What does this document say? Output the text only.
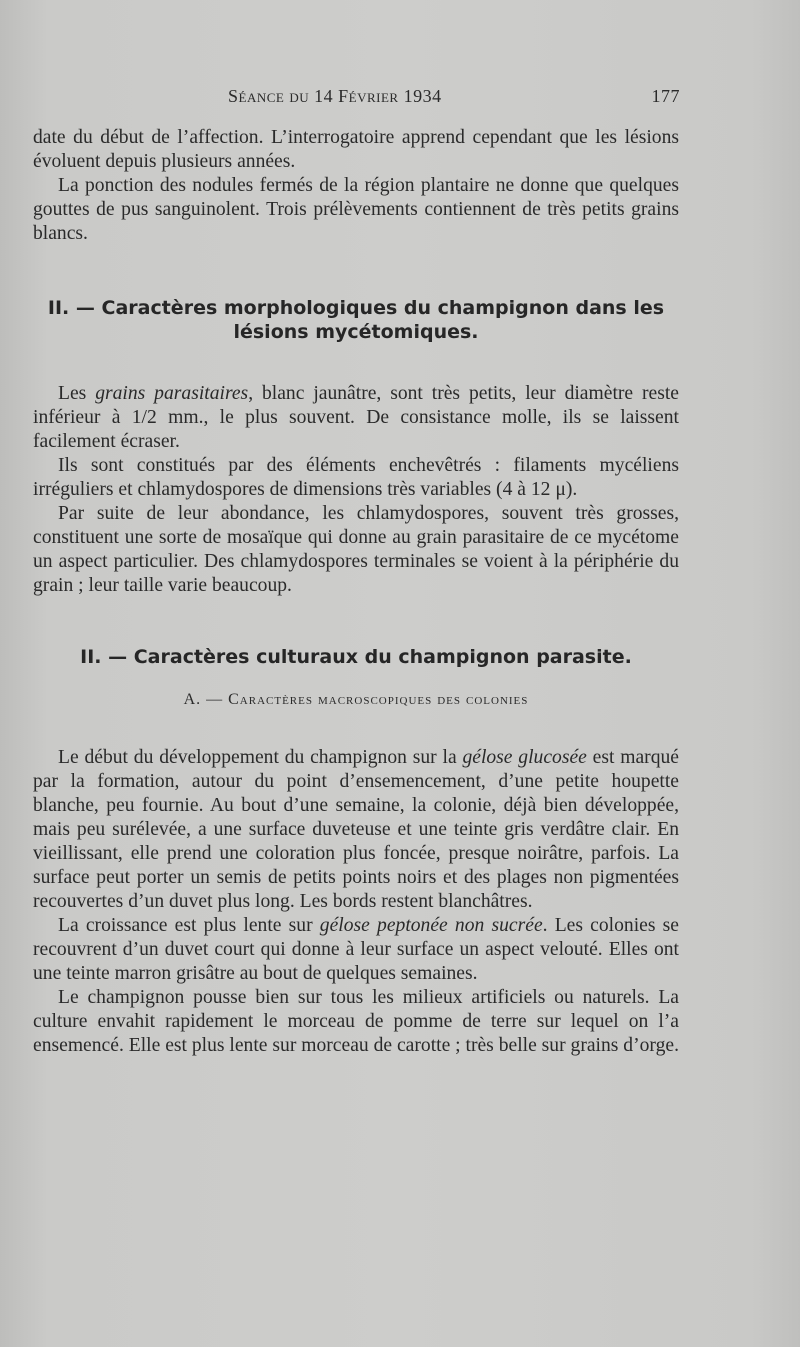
Séance du 14 Février 1934	177

date du début de l’affection. L’interrogatoire apprend cependant que les lésions évoluent depuis plusieurs années.

La ponction des nodules fermés de la région plantaire ne donne que quelques gouttes de pus sanguinolent. Trois prélèvements contiennent de très petits grains blancs.

II. — Caractères morphologiques du champignon dans les lésions mycétomiques.

Les grains parasitaires, blanc jaunâtre, sont très petits, leur diamètre reste inférieur à 1/2 mm., le plus souvent. De consistance molle, ils se laissent facilement écraser.

Ils sont constitués par des éléments enchevêtrés : filaments mycéliens irréguliers et chlamydospores de dimensions très variables (4 à 12 μ).

Par suite de leur abondance, les chlamydospores, souvent très grosses, constituent une sorte de mosaïque qui donne au grain parasitaire de ce mycétome un aspect particulier. Des chlamydospores terminales se voient à la périphérie du grain ; leur taille varie beaucoup.

II. — Caractères culturaux du champignon parasite.
A. — Caractères macroscopiques des colonies

Le début du développement du champignon sur la gélose glucosée est marqué par la formation, autour du point d’ensemencement, d’une petite houpette blanche, peu fournie. Au bout d’une semaine, la colonie, déjà bien développée, mais peu surélevée, a une surface duveteuse et une teinte gris verdâtre clair. En vieillissant, elle prend une coloration plus foncée, presque noirâtre, parfois. La surface peut porter un semis de petits points noirs et des plages non pigmentées recouvertes d’un duvet plus long. Les bords restent blanchâtres.

La croissance est plus lente sur gélose peptonée non sucrée. Les colonies se recouvrent d’un duvet court qui donne à leur surface un aspect velouté. Elles ont une teinte marron grisâtre au bout de quelques semaines.

Le champignon pousse bien sur tous les milieux artificiels ou naturels. La culture envahit rapidement le morceau de pomme de terre sur lequel on l’a ensemencé. Elle est plus lente sur morceau de carotte ; très belle sur grains d’orge.
